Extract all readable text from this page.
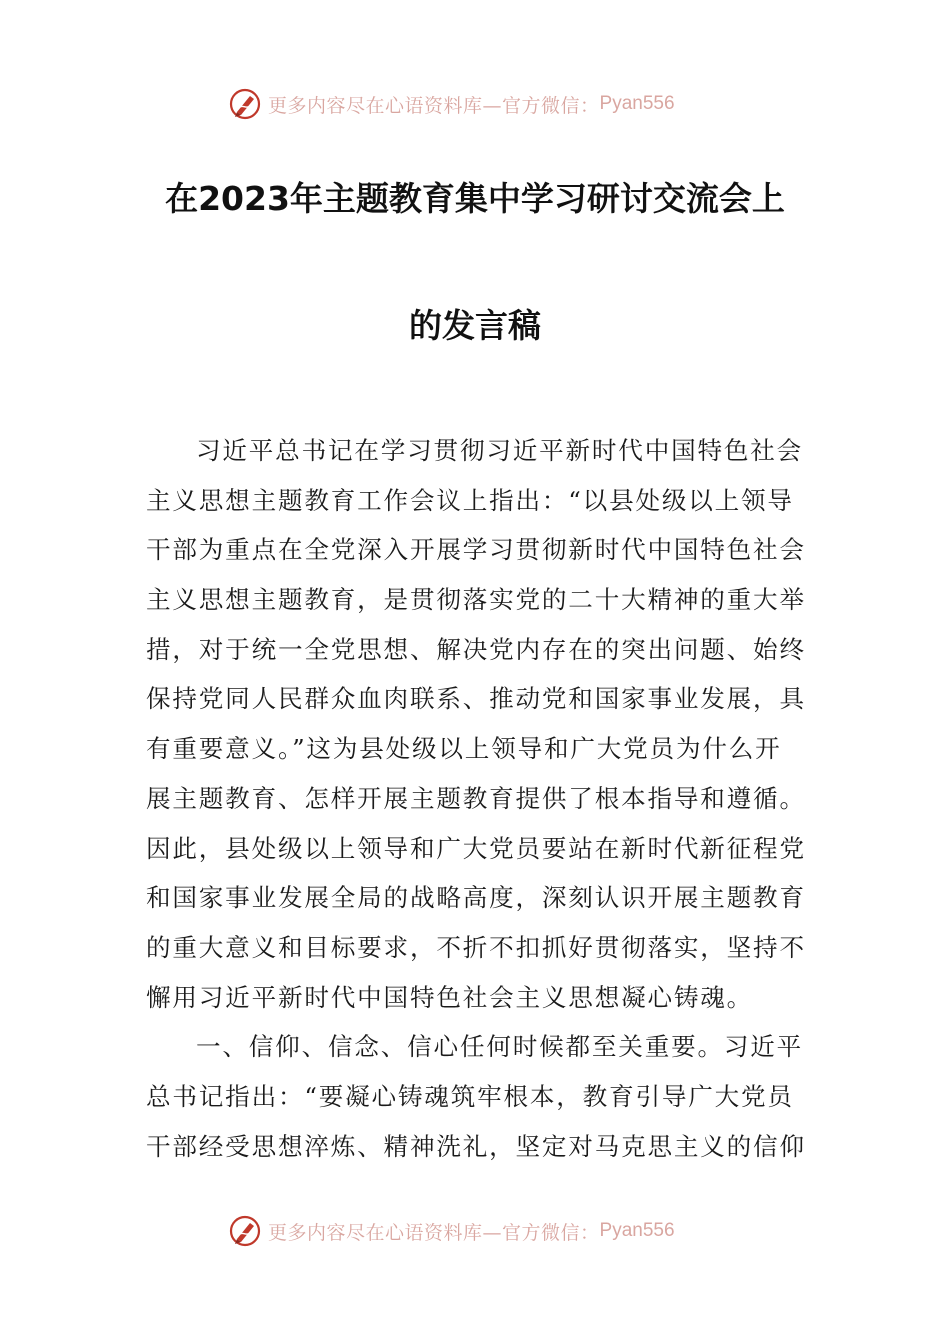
更多内容尽在心语资料库—官方微信： Pyan556
在2023年主题教育集中学习研讨交流会上
的发言稿
习近平总书记在学习贯彻习近平新时代中国特色社会
主义思想主题教育工作会议上指出：“以县处级以上领导
干部为重点在全党深入开展学习贯彻新时代中国特色社会
主义思想主题教育，是贯彻落实党的二十大精神的重大举
措，对于统一全党思想、解决党内存在的突出问题、始终
保持党同人民群众血肉联系、推动党和国家事业发展，具
有重要意义。”这为县处级以上领导和广大党员为什么开
展主题教育、怎样开展主题教育提供了根本指导和遵循。
因此，县处级以上领导和广大党员要站在新时代新征程党
和国家事业发展全局的战略高度，深刻认识开展主题教育
的重大意义和目标要求，不折不扣抓好贯彻落实，坚持不
懈用习近平新时代中国特色社会主义思想凝心铸魂。
一、信仰、信念、信心任何时候都至关重要。习近平
总书记指出：“要凝心铸魂筑牢根本，教育引导广大党员
干部经受思想淬炼、精神洗礼，坚定对马克思主义的信仰
更多内容尽在心语资料库—官方微信： Pyan556
